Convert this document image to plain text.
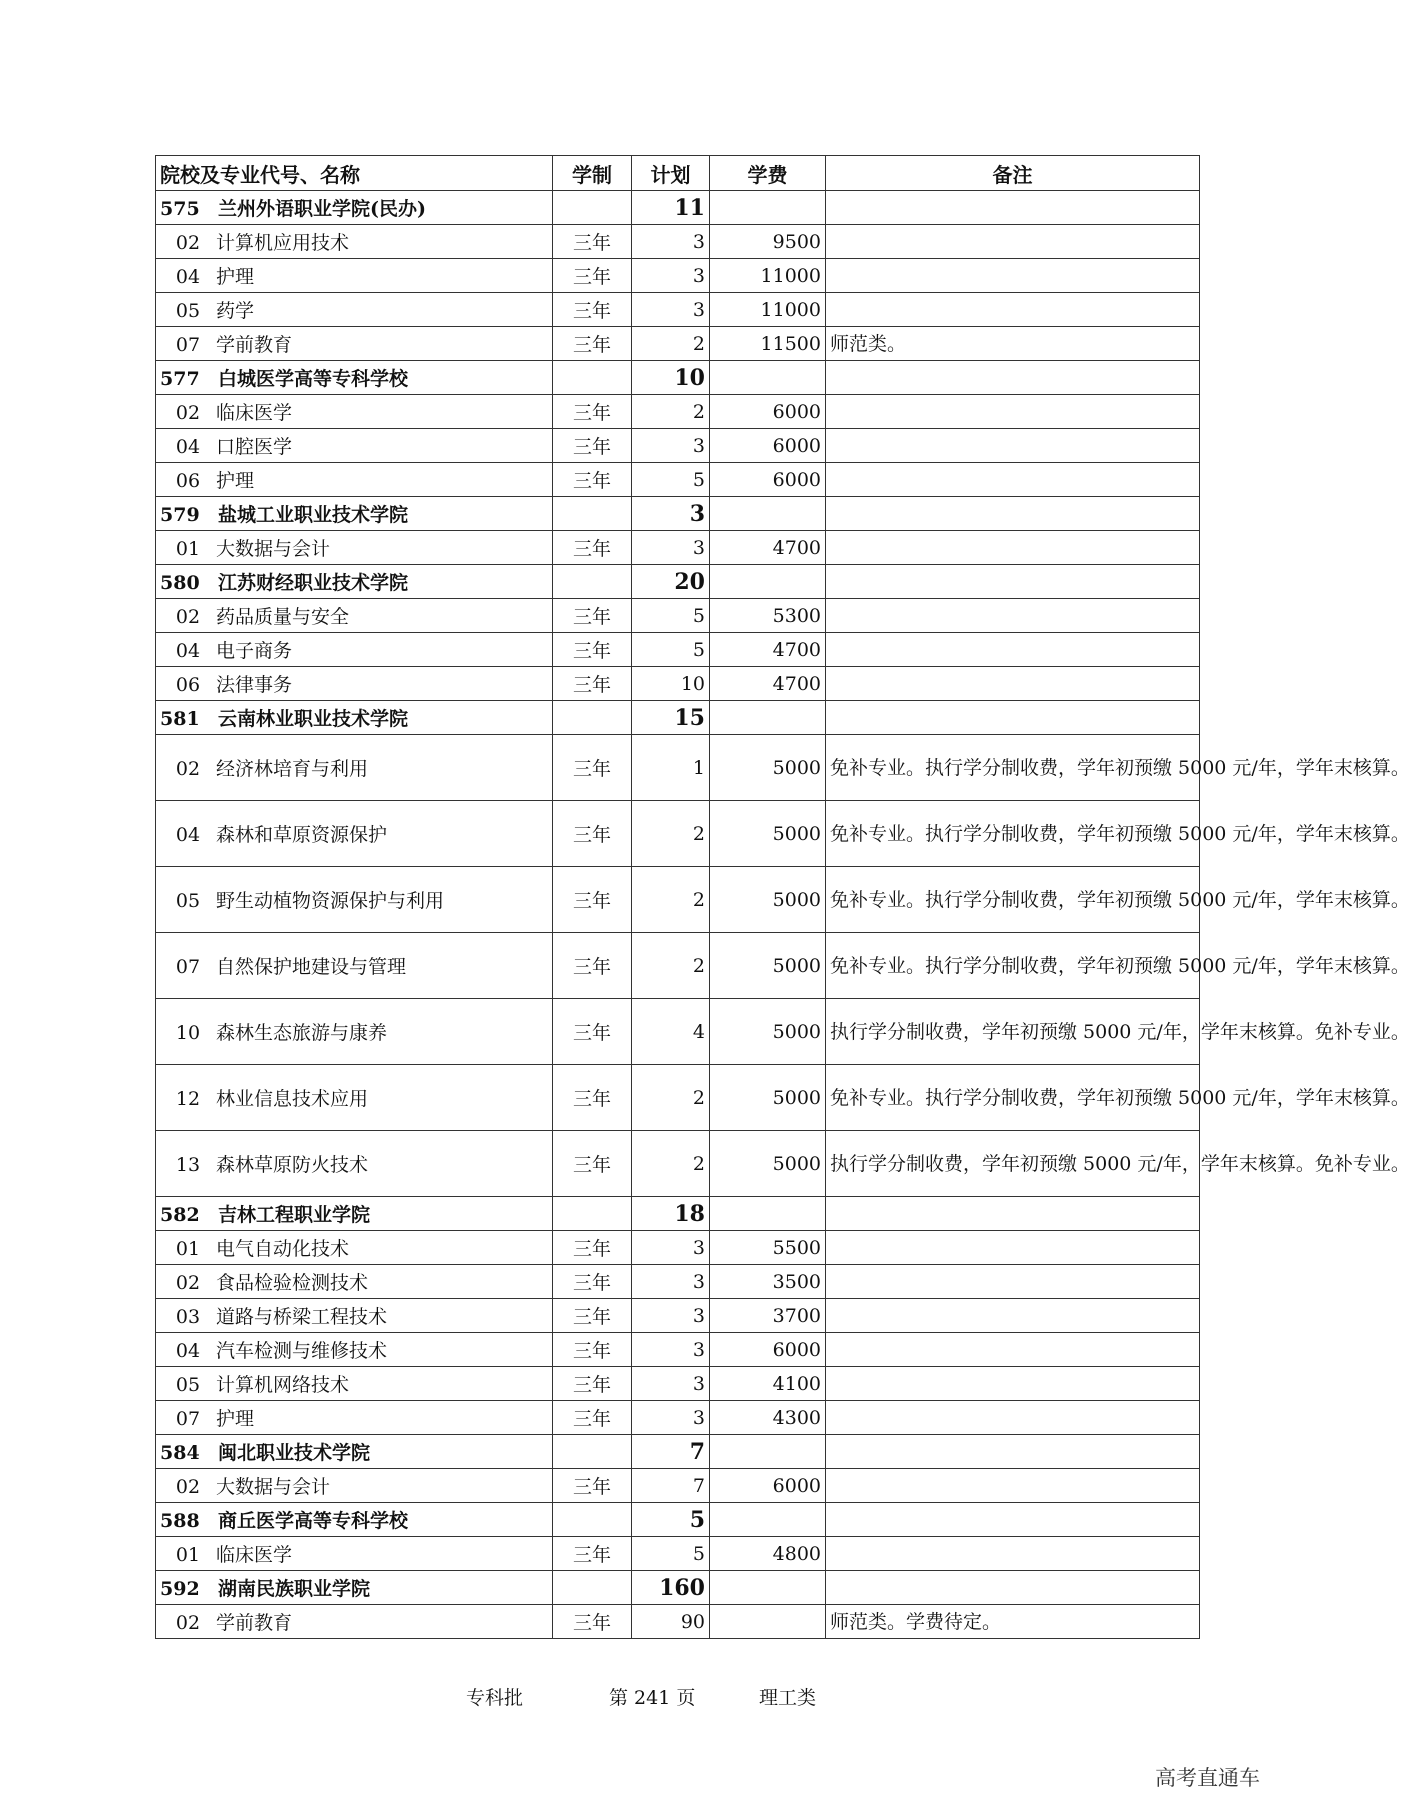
院校及专业代号、名称	学制	计划	学费	备注
575 兰州外语职业学院(民办)		11		
02 计算机应用技术	三年	3	9500	
04 护理	三年	3	11000	
05 药学	三年	3	11000	
07 学前教育	三年	2	11500	师范类。
577 白城医学高等专科学校		10		
02 临床医学	三年	2	6000	
04 口腔医学	三年	3	6000	
06 护理	三年	5	6000	
579 盐城工业职业技术学院		3		
01 大数据与会计	三年	3	4700	
580 江苏财经职业技术学院		20		
02 药品质量与安全	三年	5	5300	
04 电子商务	三年	5	4700	
06 法律事务	三年	10	4700	
581 云南林业职业技术学院		15		
02 经济林培育与利用	三年	1	5000	免补专业。执行学分制收费，学年初预缴 5000 元/年，学年末核算。
04 森林和草原资源保护	三年	2	5000	免补专业。执行学分制收费，学年初预缴 5000 元/年，学年末核算。
05 野生动植物资源保护与利用	三年	2	5000	免补专业。执行学分制收费，学年初预缴 5000 元/年，学年末核算。
07 自然保护地建设与管理	三年	2	5000	免补专业。执行学分制收费，学年初预缴 5000 元/年，学年末核算。
10 森林生态旅游与康养	三年	4	5000	执行学分制收费，学年初预缴 5000 元/年，学年末核算。免补专业。
12 林业信息技术应用	三年	2	5000	免补专业。执行学分制收费，学年初预缴 5000 元/年，学年末核算。
13 森林草原防火技术	三年	2	5000	执行学分制收费，学年初预缴 5000 元/年，学年末核算。免补专业。
582 吉林工程职业学院		18		
01 电气自动化技术	三年	3	5500	
02 食品检验检测技术	三年	3	3500	
03 道路与桥梁工程技术	三年	3	3700	
04 汽车检测与维修技术	三年	3	6000	
05 计算机网络技术	三年	3	4100	
07 护理	三年	3	4300	
584 闽北职业技术学院		7		
02 大数据与会计	三年	7	6000	
588 商丘医学高等专科学校		5		
01 临床医学	三年	5	4800	
592 湖南民族职业学院		160		
02 学前教育	三年	90		师范类。学费待定。
专科批	第 241 页	理工类
高考直通车
